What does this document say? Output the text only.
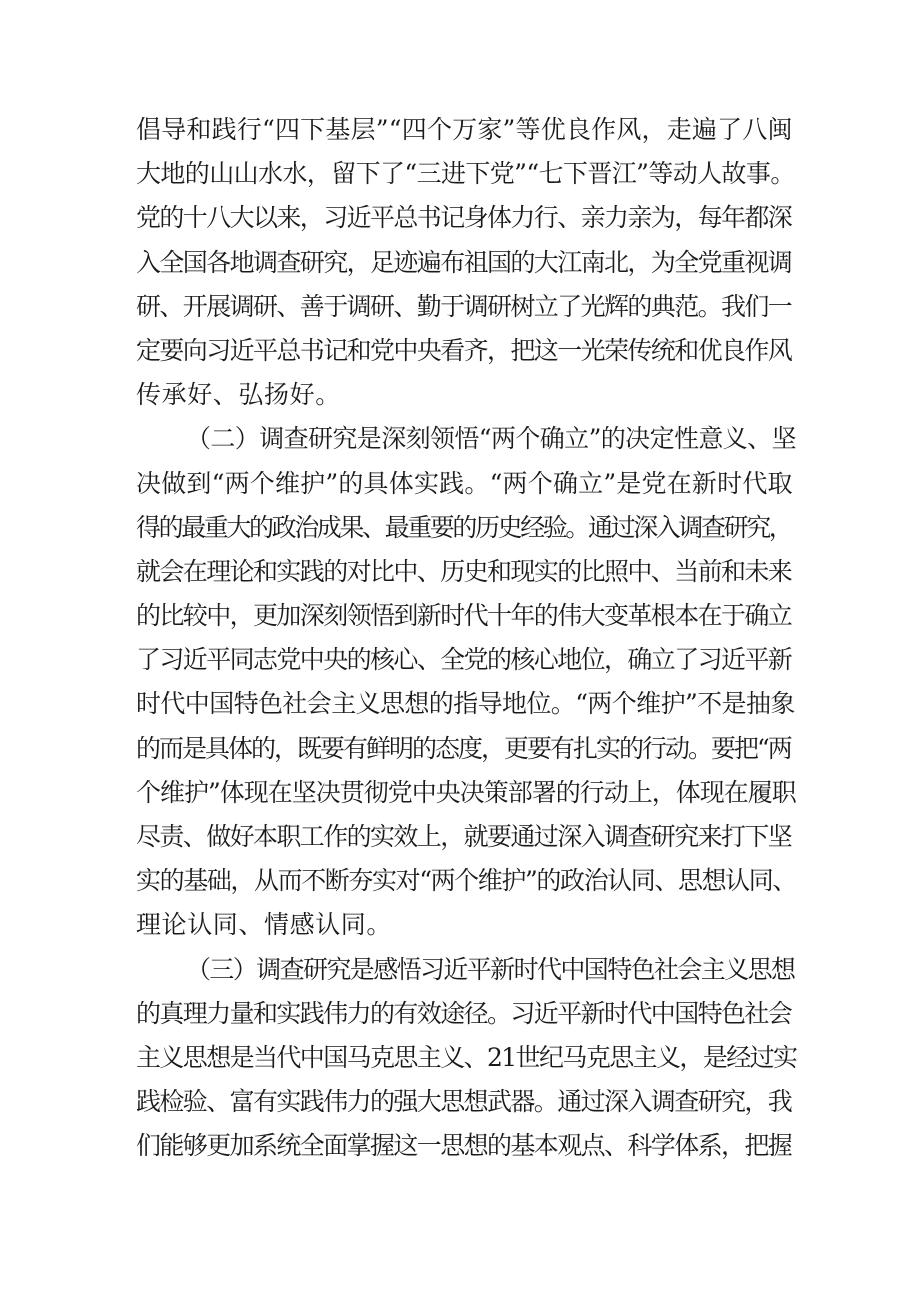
倡导和践行“四下基层”“四个万家”等优良作风，走遍了八闽
大地的山山水水，留下了“三进下党”“七下晋江”等动人故事。
党的十八大以来，习近平总书记身体力行、亲力亲为，每年都深
入全国各地调查研究，足迹遍布祖国的大江南北，为全党重视调
研、开展调研、善于调研、勤于调研树立了光辉的典范。我们一
定要向习近平总书记和党中央看齐，把这一光荣传统和优良作风
传承好、弘扬好。
（二）调查研究是深刻领悟“两个确立”的决定性意义、坚
决做到“两个维护”的具体实践。“两个确立”是党在新时代取
得的最重大的政治成果、最重要的历史经验。通过深入调查研究，
就会在理论和实践的对比中、历史和现实的比照中、当前和未来
的比较中，更加深刻领悟到新时代十年的伟大变革根本在于确立
了习近平同志党中央的核心、全党的核心地位，确立了习近平新
时代中国特色社会主义思想的指导地位。“两个维护”不是抽象
的而是具体的，既要有鲜明的态度，更要有扎实的行动。要把“两
个维护”体现在坚决贯彻党中央决策部署的行动上，体现在履职
尽责、做好本职工作的实效上，就要通过深入调查研究来打下坚
实的基础，从而不断夯实对“两个维护”的政治认同、思想认同、
理论认同、情感认同。
（三）调查研究是感悟习近平新时代中国特色社会主义思想
的真理力量和实践伟力的有效途径。习近平新时代中国特色社会
主义思想是当代中国马克思主义、21世纪马克思主义，是经过实
践检验、富有实践伟力的强大思想武器。通过深入调查研究，我
们能够更加系统全面掌握这一思想的基本观点、科学体系，把握
